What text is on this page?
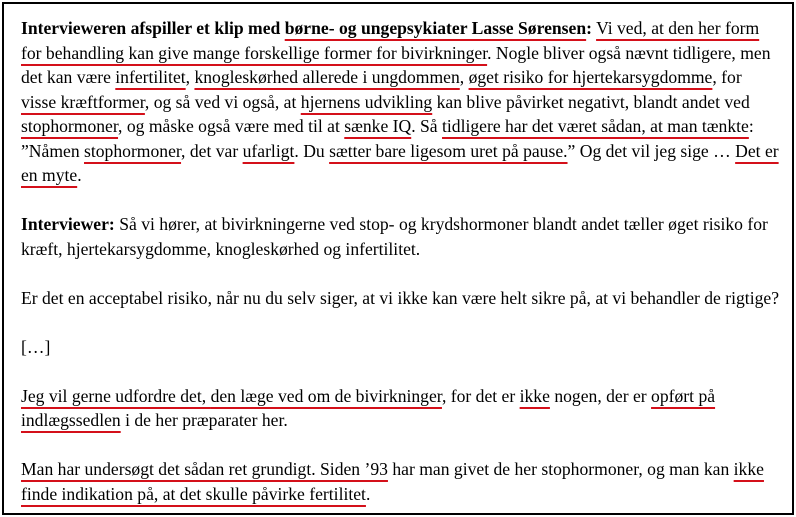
Intervieweren afspiller et klip med børne- og ungepsykiater Lasse Sørensen: Vi ved, at den her form for behandling kan give mange forskellige former for bivirkninger. Nogle bliver også nævnt tidligere, men det kan være infertilitet, knogleskørhed allerede i ungdommen, øget risiko for hjertekarsygdomme, for visse kræftformer, og så ved vi også, at hjernens udvikling kan blive påvirket negativt, blandt andet ved stophormoner, og måske også være med til at sænke IQ. Så tidligere har det været sådan, at man tænkte: ”Nåmen stophormoner, det var ufarligt. Du sætter bare ligesom uret på pause.” Og det vil jeg sige … Det er en myte.

Interviewer: Så vi hører, at bivirkningerne ved stop- og krydshormoner blandt andet tæller øget risiko for kræft, hjertekarsygdomme, knogleskørhed og infertilitet.

Er det en acceptabel risiko, når nu du selv siger, at vi ikke kan være helt sikre på, at vi behandler de rigtige?

[…]

Jeg vil gerne udfordre det, den læge ved om de bivirkninger, for det er ikke nogen, der er opført på indlægssedlen i de her præparater her.

Man har undersøgt det sådan ret grundigt. Siden ’93 har man givet de her stophormoner, og man kan ikke finde indikation på, at det skulle påvirke fertilitet.
